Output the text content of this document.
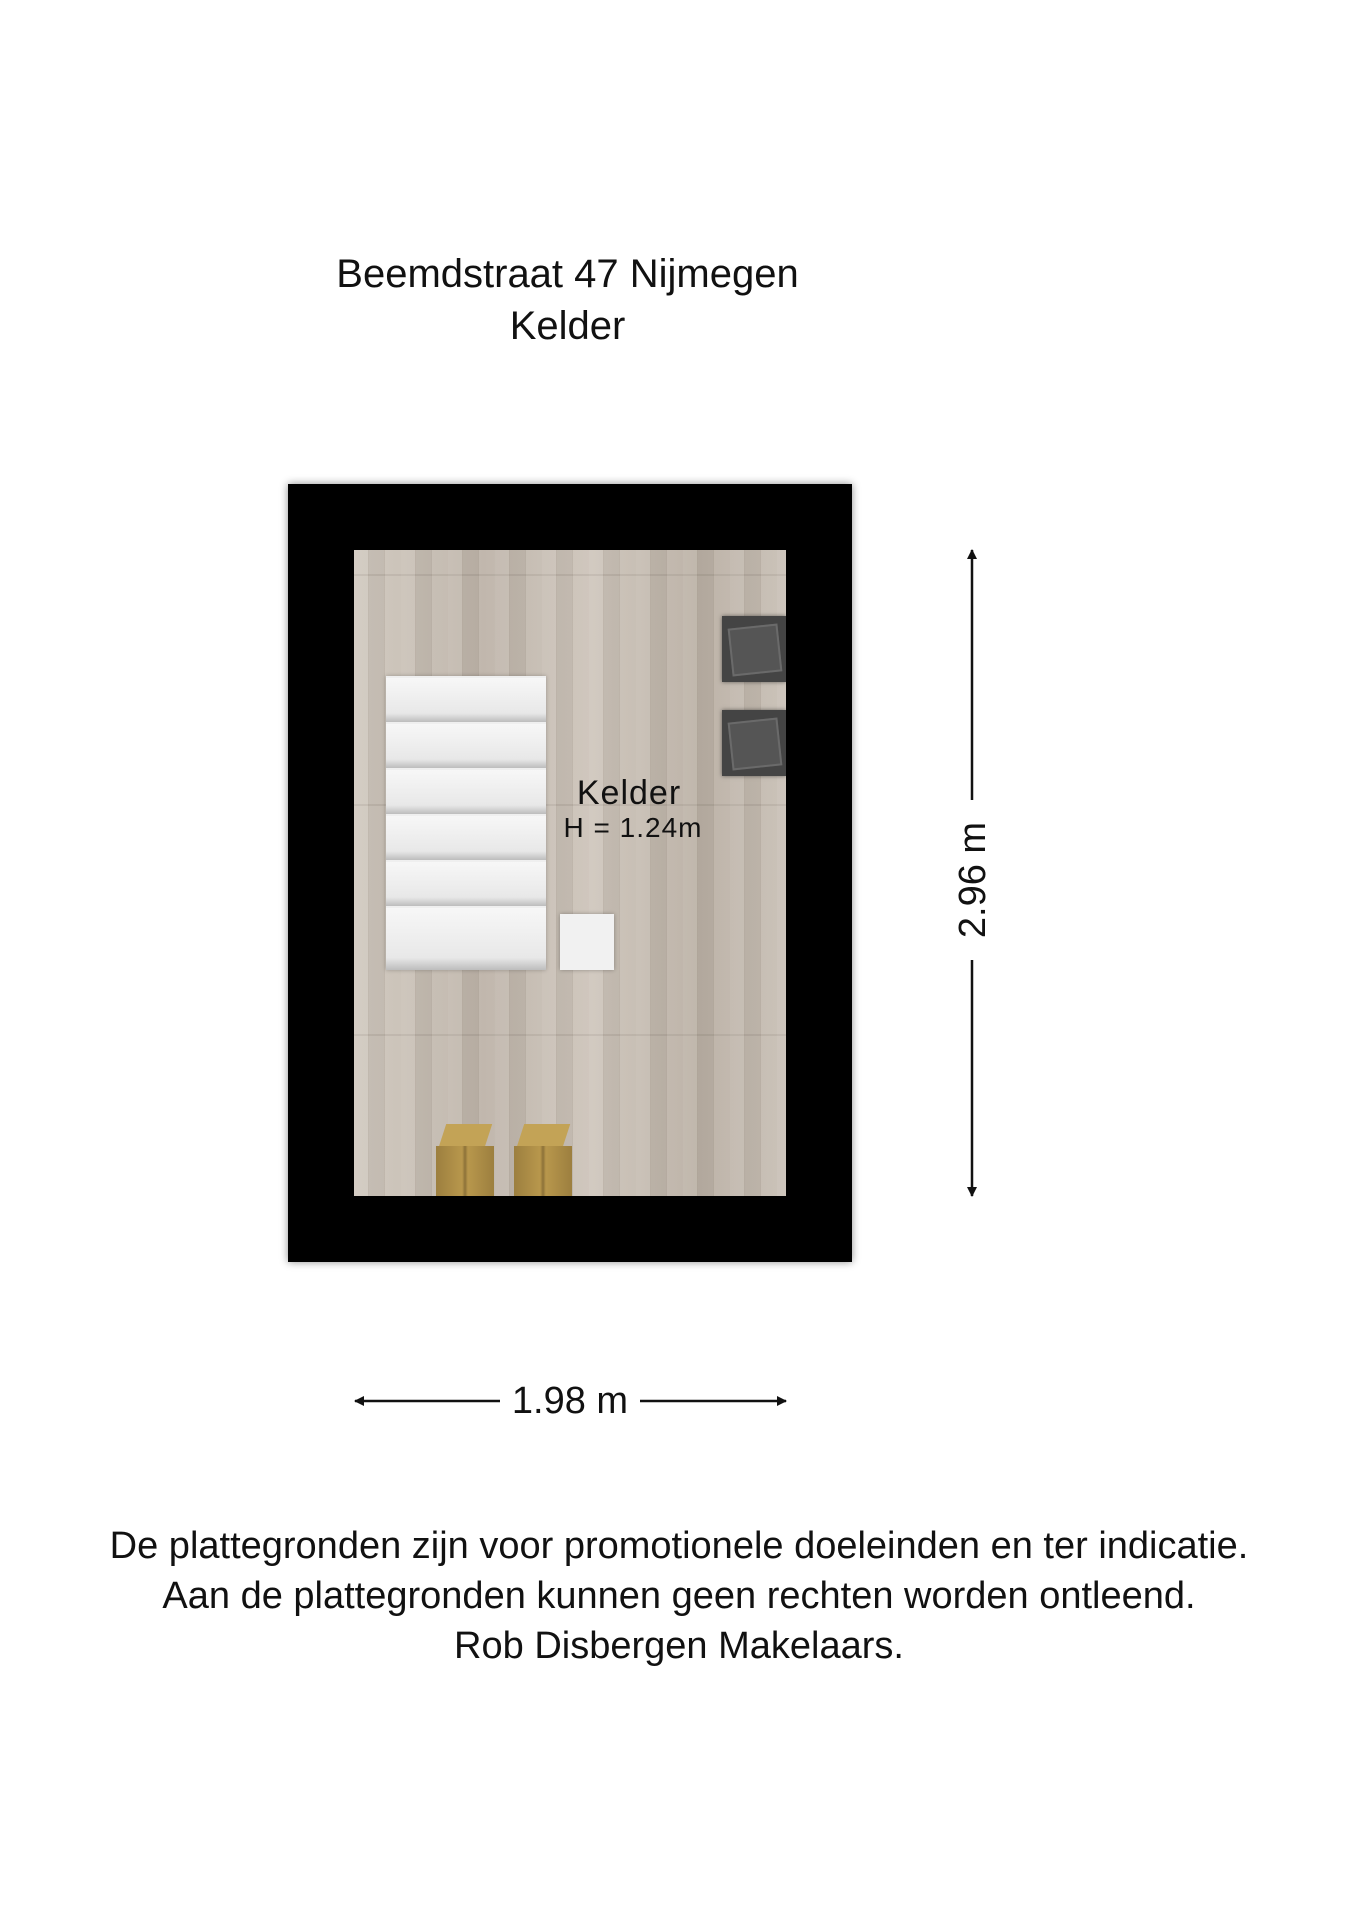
Beemdstraat 47 Nijmegen
Kelder
Kelder
H = 1.24m
1.98 m
2.96 m
De plattegronden zijn voor promotionele doeleinden en ter indicatie.
Aan de plattegronden kunnen geen rechten worden ontleend.
Rob Disbergen Makelaars.
